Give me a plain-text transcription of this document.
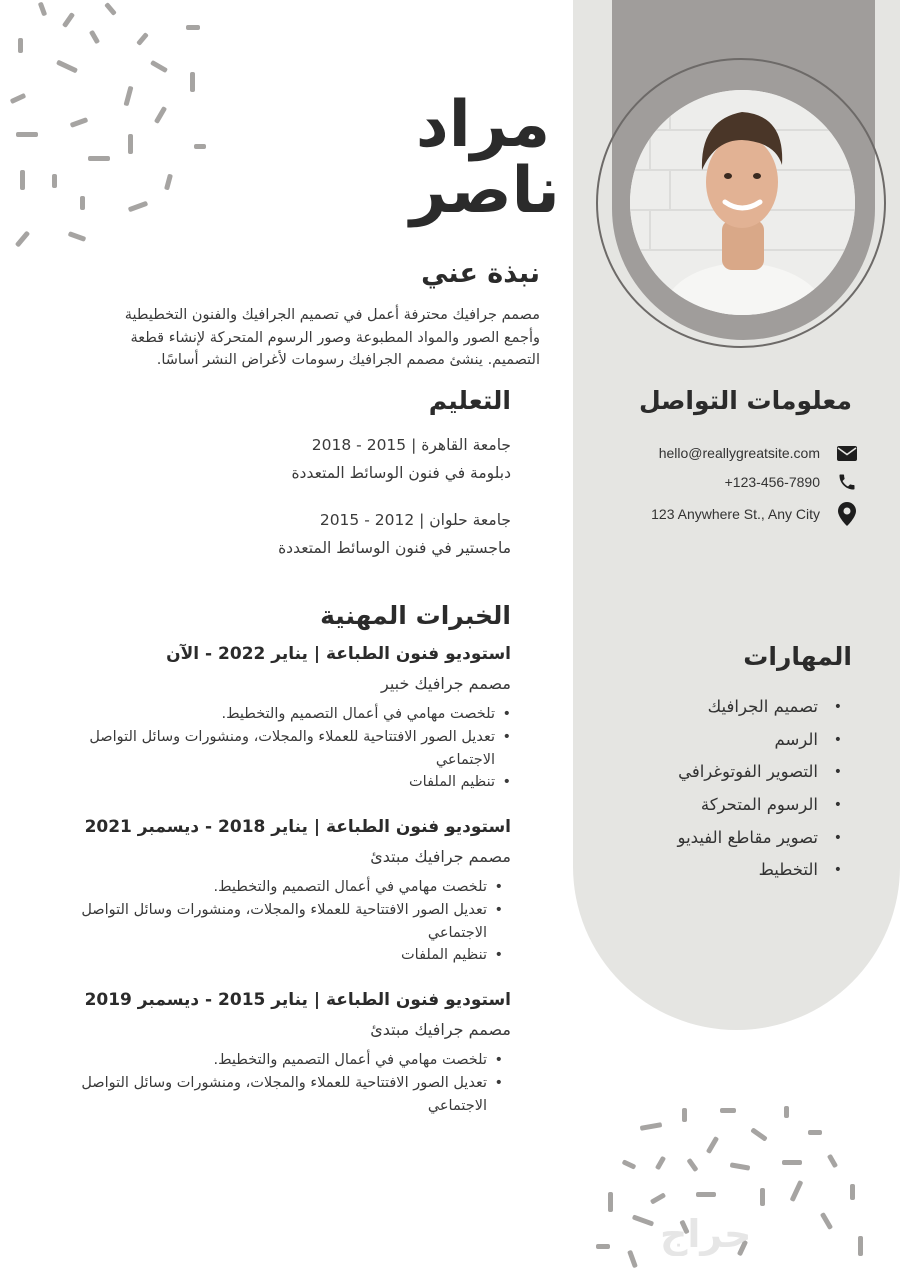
معلومات التواصل
hello@reallygreatsite.com
+123-456-7890
123 Anywhere St., Any City
المهارات
• تصميم الجرافيك
• الرسم
• التصوير الفوتوغرافي
• الرسوم المتحركة
• تصوير مقاطع الفيديو
• التخطيط
مراد
ناصر
نبذة عني
مصمم جرافيك محترفة أعمل في تصميم الجرافيك والفنون التخطيطية
وأجمع الصور والمواد المطبوعة وصور الرسوم المتحركة لإنشاء قطعة
التصميم. ينشئ مصمم الجرافيك رسومات لأغراض النشر أساسًا.
التعليم
جامعة القاهرة | 2015 - 2018
دبلومة في فنون الوسائط المتعددة
جامعة حلوان | 2012 - 2015
ماجستير في فنون الوسائط المتعددة
الخبرات المهنية
استوديو فنون الطباعة | يناير 2022 - الآن
مصمم جرافيك خبير
• تلخصت مهامي في أعمال التصميم والتخطيط.
• تعديل الصور الافتتاحية للعملاء والمجلات، ومنشورات وسائل التواصل
الاجتماعي
• تنظيم الملفات
استوديو فنون الطباعة | يناير 2018 - ديسمبر 2021
مصمم جرافيك مبتدئ
• تلخصت مهامي في أعمال التصميم والتخطيط.
• تعديل الصور الافتتاحية للعملاء والمجلات، ومنشورات وسائل التواصل
الاجتماعي
• تنظيم الملفات
استوديو فنون الطباعة | يناير 2015 - ديسمبر 2019
مصمم جرافيك مبتدئ
• تلخصت مهامي في أعمال التصميم والتخطيط.
• تعديل الصور الافتتاحية للعملاء والمجلات، ومنشورات وسائل التواصل
الاجتماعي
حراج
